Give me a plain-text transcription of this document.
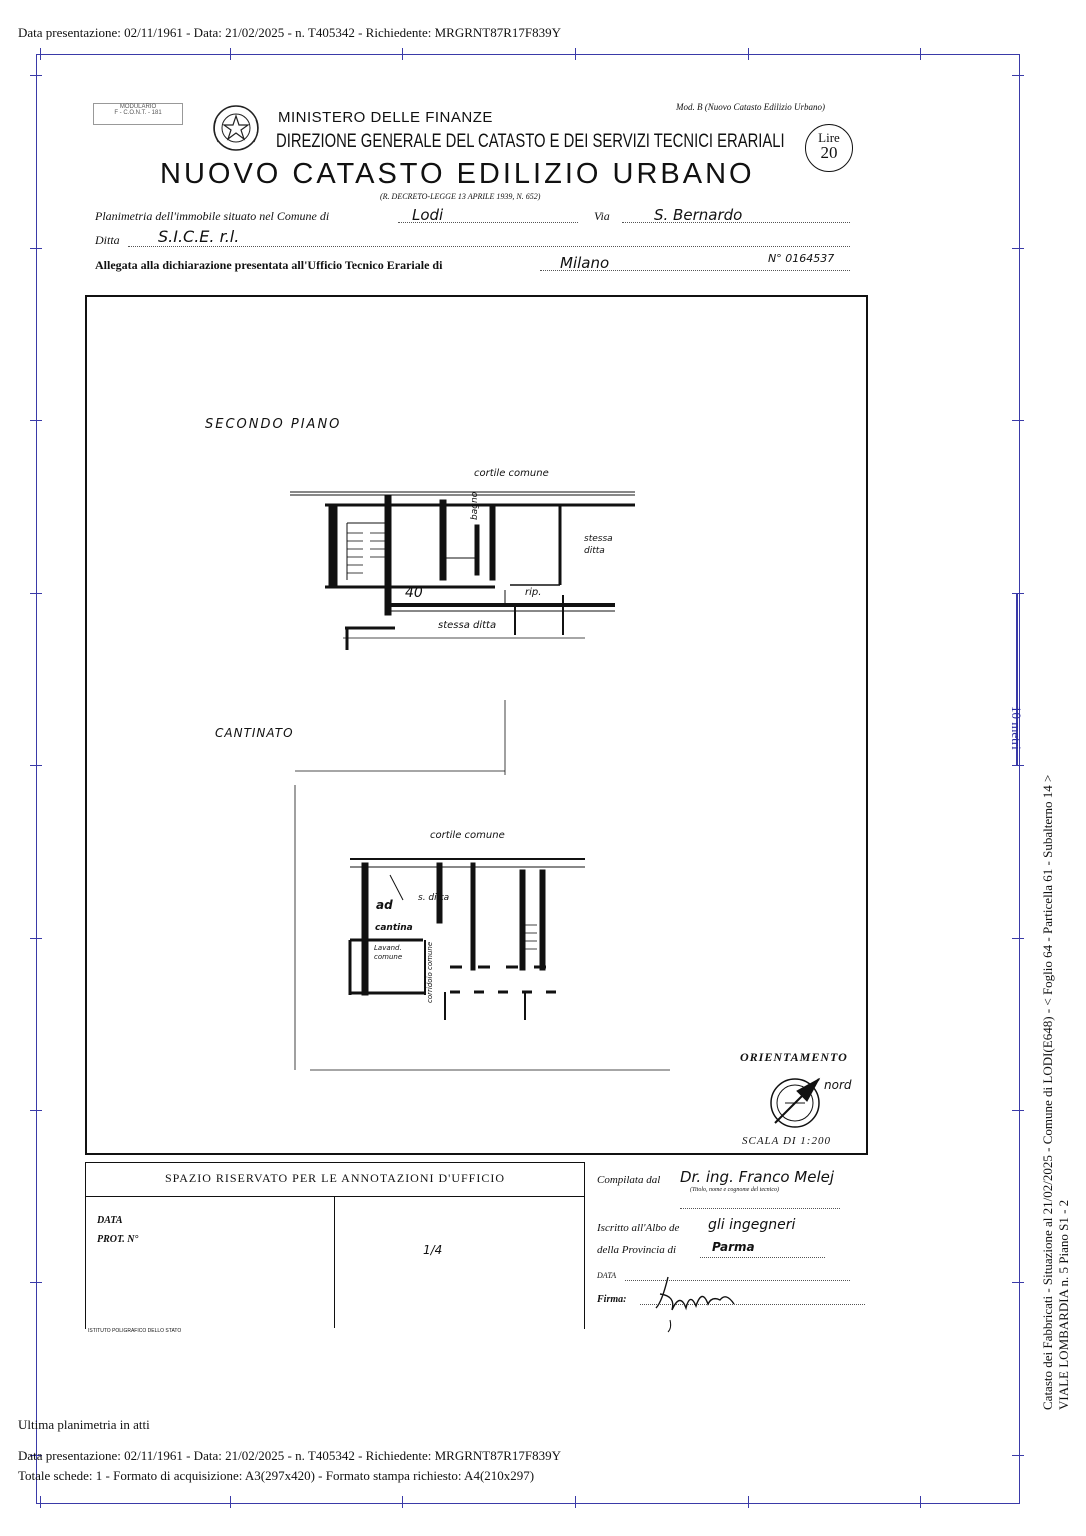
Data presentazione: 02/11/1961 - Data: 21/02/2025 - n. T405342 - Richiedente: MRGRNT87R17F839Y
MODULARIO
F - C.O.N.T. - 181	MINISTERO DELLE FINANZE
DIREZIONE GENERALE DEL CATASTO E DEI SERVIZI TECNICI ERARIALI
NUOVO CATASTO EDILIZIO URBANO
(R. DECRETO-LEGGE 13 APRILE 1939, N. 652)
Mod. B (Nuovo Catasto Edilizio Urbano)
Lire
20
Planimetria dell'immobile situato nel Comune di	Lodi	Via	S. Bernardo
Ditta S.I.C.E. r.l.
Allegata alla dichiarazione presentata all'Ufficio Tecnico Erariale di	Milano	N° 0164537
SECONDO PIANO
cortile comune
bagno
stessa ditta
rip.
40
stessa ditta
CANTINATO
cortile comune
ad	s. ditta
cantina
Lavand. comune	corridoio comune
ORIENTAMENTO
nord
SCALA DI 1:200
SPAZIO RISERVATO PER LE ANNOTAZIONI D'UFFICIO
DATA
PROT. N°
1/4
ISTITUTO POLIGRAFICO DELLO STATO
Compilata dal Dr. ing. Franco Melej
(Titolo, nome e cognome del tecnico)
Iscritto all'Albo de gli ingegneri
della Provincia di	Parma
DATA
Firma:
10 metri
Catasto dei Fabbricati - Situazione al 21/02/2025 - Comune di LODI(E648) - < Foglio 64 - Particella 61 - Subalterno 14 > VIALE LOMBARDIA n. 5 Piano S1 - 2
Ultima planimetria in atti
Data presentazione: 02/11/1961 - Data: 21/02/2025 - n. T405342 - Richiedente: MRGRNT87R17F839Y
Totale schede: 1 - Formato di acquisizione: A3(297x420) - Formato stampa richiesto: A4(210x297)
